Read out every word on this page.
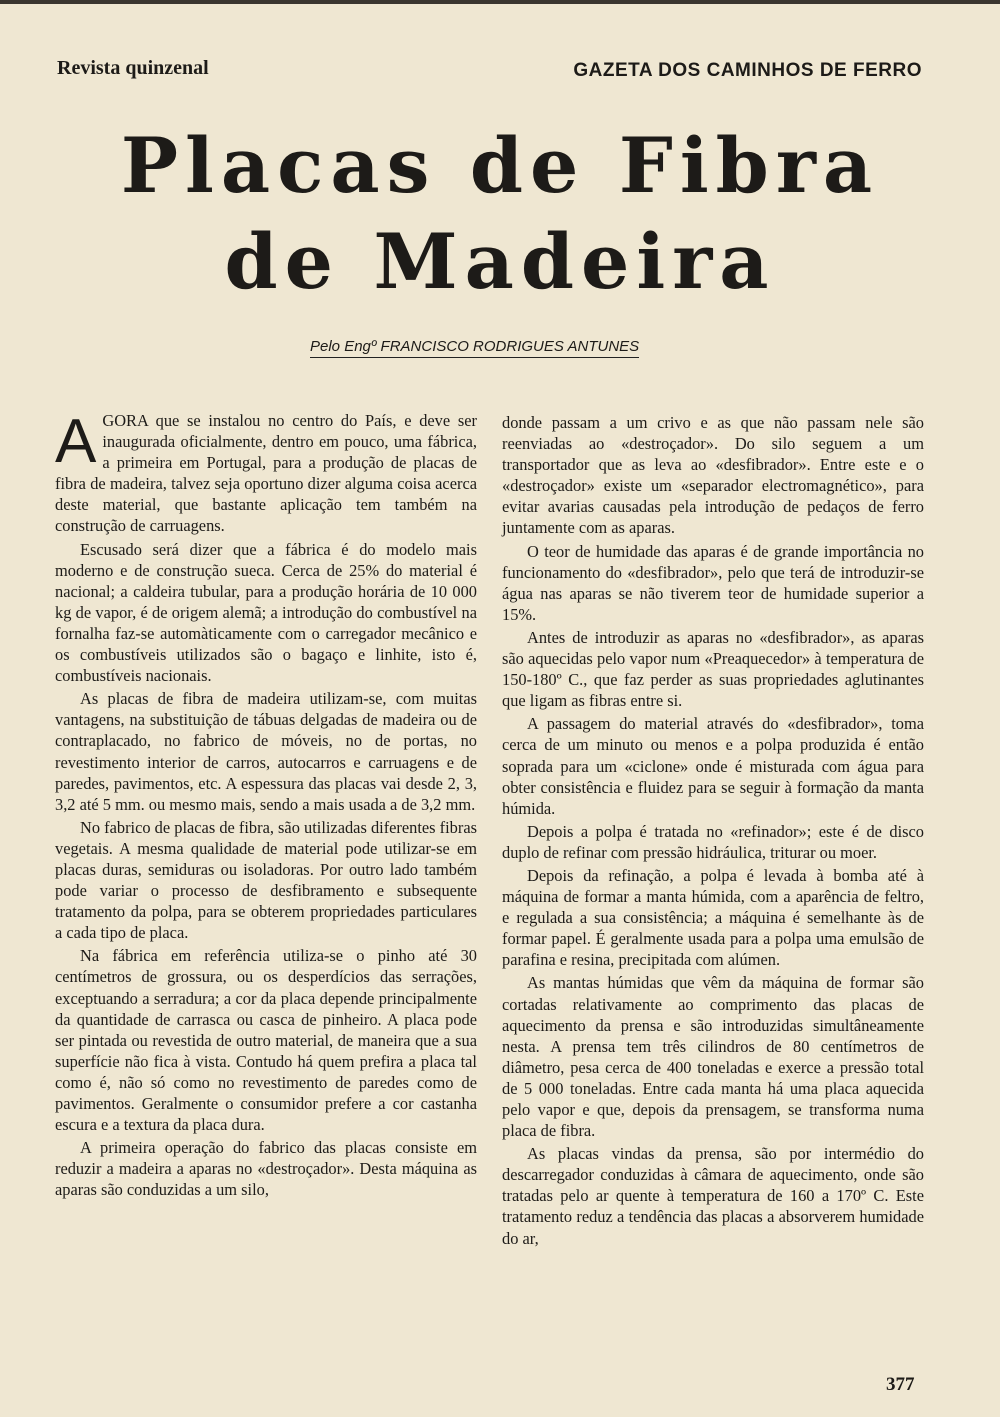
Revista quinzenal	GAZETA DOS CAMINHOS DE FERRO
Placas de Fibra
de Madeira
Pelo Engº FRANCISCO RODRIGUES ANTUNES

AGORA que se instalou no centro do País, e deve ser inaugurada oficialmente, dentro em pouco, uma fábrica, a primeira em Portugal, para a produção de placas de fibra de madeira, talvez seja oportuno dizer alguma coisa acerca deste material, que bastante aplicação tem também na construção de carruagens.

Escusado será dizer que a fábrica é do modelo mais moderno e de construção sueca. Cerca de 25% do material é nacional; a caldeira tubular, para a produção horária de 10 000 kg de vapor, é de origem alemã; a introdução do combustível na fornalha faz-se automàticamente com o carregador mecânico e os combustíveis utilizados são o bagaço e linhite, isto é, combustíveis nacionais.

As placas de fibra de madeira utilizam-se, com muitas vantagens, na substituição de tábuas delgadas de madeira ou de contraplacado, no fabrico de móveis, no de portas, no revestimento interior de carros, autocarros e carruagens e de paredes, pavimentos, etc. A espessura das placas vai desde 2, 3, 3,2 até 5 mm. ou mesmo mais, sendo a mais usada a de 3,2 mm.

No fabrico de placas de fibra, são utilizadas diferentes fibras vegetais. A mesma qualidade de material pode utilizar-se em placas duras, semiduras ou isoladoras. Por outro lado também pode variar o processo de desfibramento e subsequente tratamento da polpa, para se obterem propriedades particulares a cada tipo de placa.

Na fábrica em referência utiliza-se o pinho até 30 centímetros de grossura, ou os desperdícios das serrações, exceptuando a serradura; a cor da placa depende principalmente da quantidade de carrasca ou casca de pinheiro. A placa pode ser pintada ou revestida de outro material, de maneira que a sua superfície não fica à vista. Contudo há quem prefira a placa tal como é, não só como no revestimento de paredes como de pavimentos. Geralmente o consumidor prefere a cor castanha escura e a textura da placa dura.

A primeira operação do fabrico das placas consiste em reduzir a madeira a aparas no «destroçador». Desta máquina as aparas são conduzidas a um silo,

donde passam a um crivo e as que não passam nele são reenviadas ao «destroçador». Do silo seguem a um transportador que as leva ao «desfibrador». Entre este e o «destroçador» existe um «separador electromagnético», para evitar avarias causadas pela introdução de pedaços de ferro juntamente com as aparas.

O teor de humidade das aparas é de grande importância no funcionamento do «desfibrador», pelo que terá de introduzir-se água nas aparas se não tiverem teor de humidade superior a 15%.

Antes de introduzir as aparas no «desfibrador», as aparas são aquecidas pelo vapor num «Preaquecedor» à temperatura de 150-180º C., que faz perder as suas propriedades aglutinantes que ligam as fibras entre si.

A passagem do material através do «desfibrador», toma cerca de um minuto ou menos e a polpa produzida é então soprada para um «ciclone» onde é misturada com água para obter consistência e fluidez para se seguir à formação da manta húmida.

Depois a polpa é tratada no «refinador»; este é de disco duplo de refinar com pressão hidráulica, triturar ou moer.

Depois da refinação, a polpa é levada à bomba até à máquina de formar a manta húmida, com a aparência de feltro, e regulada a sua consistência; a máquina é semelhante às de formar papel. É geralmente usada para a polpa uma emulsão de parafina e resina, precipitada com alúmen.

As mantas húmidas que vêm da máquina de formar são cortadas relativamente ao comprimento das placas de aquecimento da prensa e são introduzidas simultâneamente nesta. A prensa tem três cilindros de 80 centímetros de diâmetro, pesa cerca de 400 toneladas e exerce a pressão total de 5 000 toneladas. Entre cada manta há uma placa aquecida pelo vapor e que, depois da prensagem, se transforma numa placa de fibra.

As placas vindas da prensa, são por intermédio do descarregador conduzidas à câmara de aquecimento, onde são tratadas pelo ar quente à temperatura de 160 a 170º C. Este tratamento reduz a tendência das placas a absorverem humidade do ar,

377
